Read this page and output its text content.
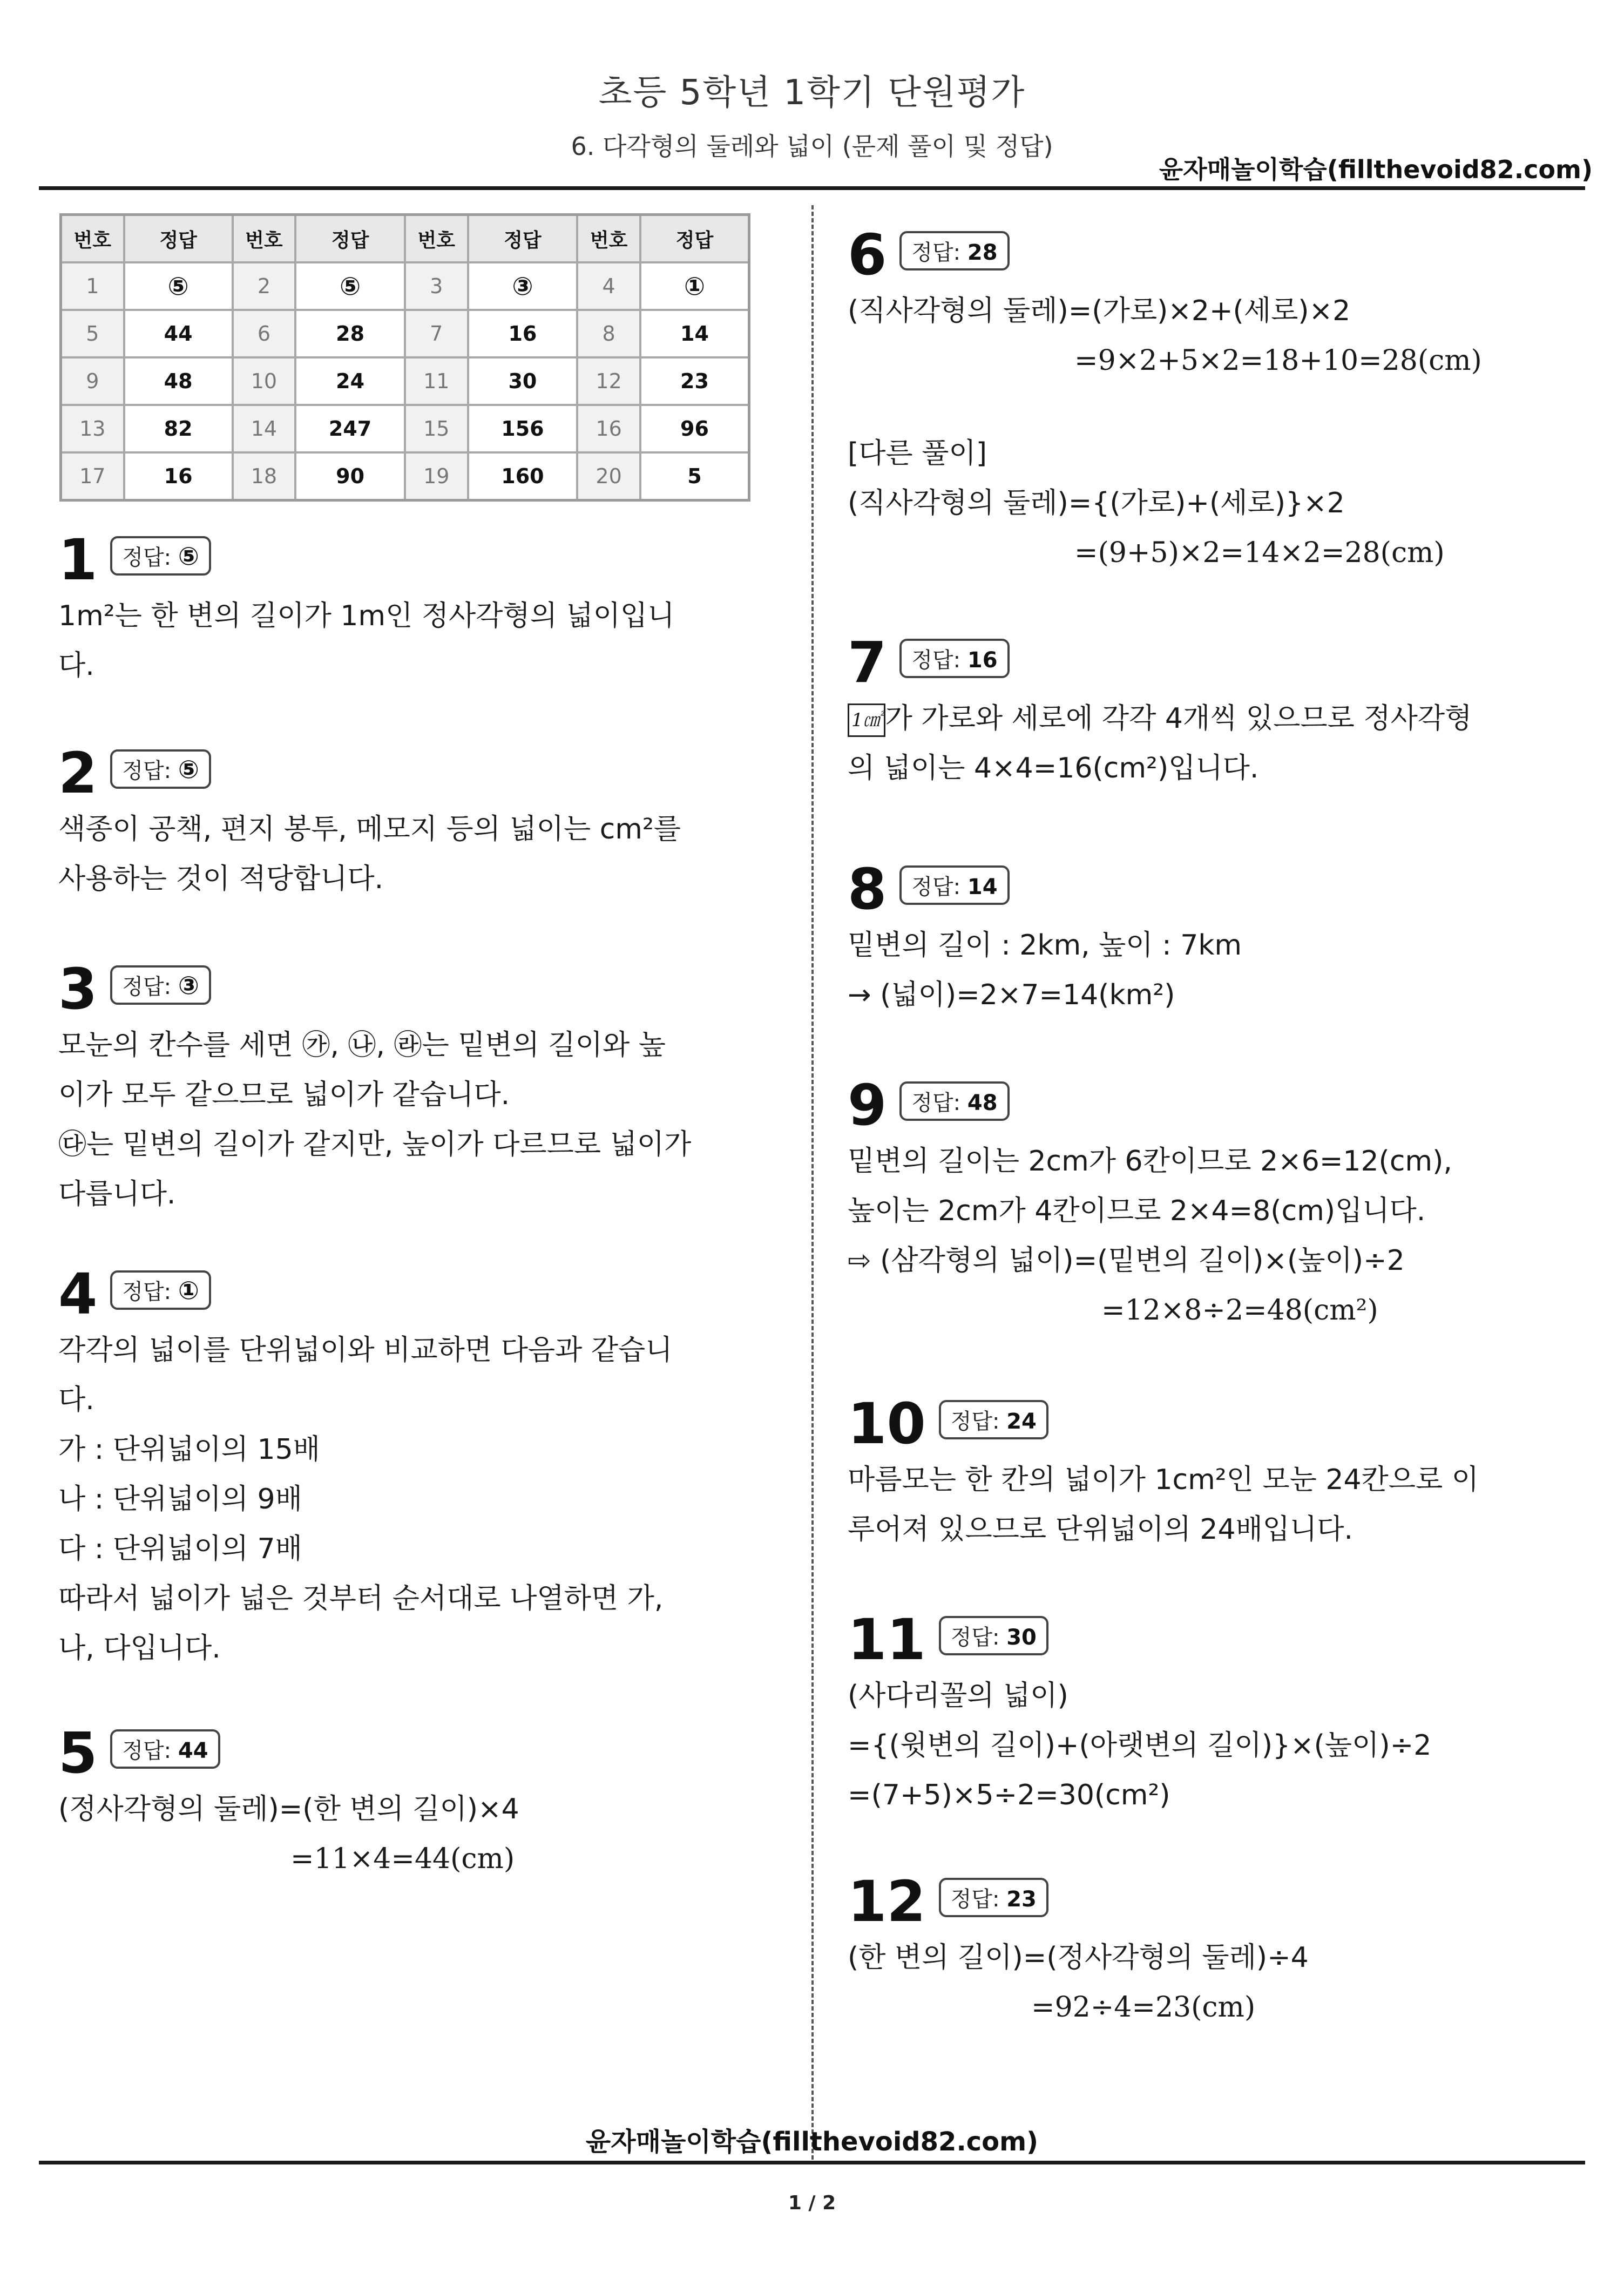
초등 5학년 1학기 단원평가
6. 다각형의 둘레와 넓이 (문제 풀이 및 정답)
윤자매놀이학습(fillthevoid82.com)
번호	정답	번호	정답	번호	정답	번호	정답
1	⑤	2	⑤	3	③	4	①
5	44	6	28	7	16	8	14
9	48	10	24	11	30	12	23
13	82	14	247	15	156	16	96
17	16	18	90	19	160	20	5
1 정답: ⑤
1m²는 한 변의 길이가 1m인 정사각형의 넓이입니
다.
2 정답: ⑤
색종이 공책, 편지 봉투, 메모지 등의 넓이는 cm²를
사용하는 것이 적당합니다.
3 정답: ③
모눈의 칸수를 세면 ㉮, ㉯, ㉱는 밑변의 길이와 높
이가 모두 같으므로 넓이가 같습니다.
㉰는 밑변의 길이가 같지만, 높이가 다르므로 넓이가
다릅니다.
4 정답: ①
각각의 넓이를 단위넓이와 비교하면 다음과 같습니
다.
가 : 단위넓이의 15배
나 : 단위넓이의 9배
다 : 단위넓이의 7배
따라서 넓이가 넓은 것부터 순서대로 나열하면 가,
나, 다입니다.
5 정답: 44
(정사각형의 둘레)=(한 변의 길이)×4
=11×4=44(cm)
6 정답: 28
(직사각형의 둘레)=(가로)×2+(세로)×2
=9×2+5×2=18+10=28(cm)
[다른 풀이]
(직사각형의 둘레)={(가로)+(세로)}×2
=(9+5)×2=14×2=28(cm)
7 정답: 16
1㎠ 가 가로와 세로에 각각 4개씩 있으므로 정사각형
의 넓이는 4×4=16(cm²)입니다.
8 정답: 14
밑변의 길이 : 2km, 높이 : 7km
→ (넓이)=2×7=14(km²)
9 정답: 48
밑변의 길이는 2cm가 6칸이므로 2×6=12(cm),
높이는 2cm가 4칸이므로 2×4=8(cm)입니다.
⇨ (삼각형의 넓이)=(밑변의 길이)×(높이)÷2
=12×8÷2=48(cm²)
10 정답: 24
마름모는 한 칸의 넓이가 1cm²인 모눈 24칸으로 이
루어져 있으므로 단위넓이의 24배입니다.
11 정답: 30
(사다리꼴의 넓이)
={(윗변의 길이)+(아랫변의 길이)}×(높이)÷2
=(7+5)×5÷2=30(cm²)
12 정답: 23
(한 변의 길이)=(정사각형의 둘레)÷4
=92÷4=23(cm)
윤자매놀이학습(fillthevoid82.com)
1 / 2
